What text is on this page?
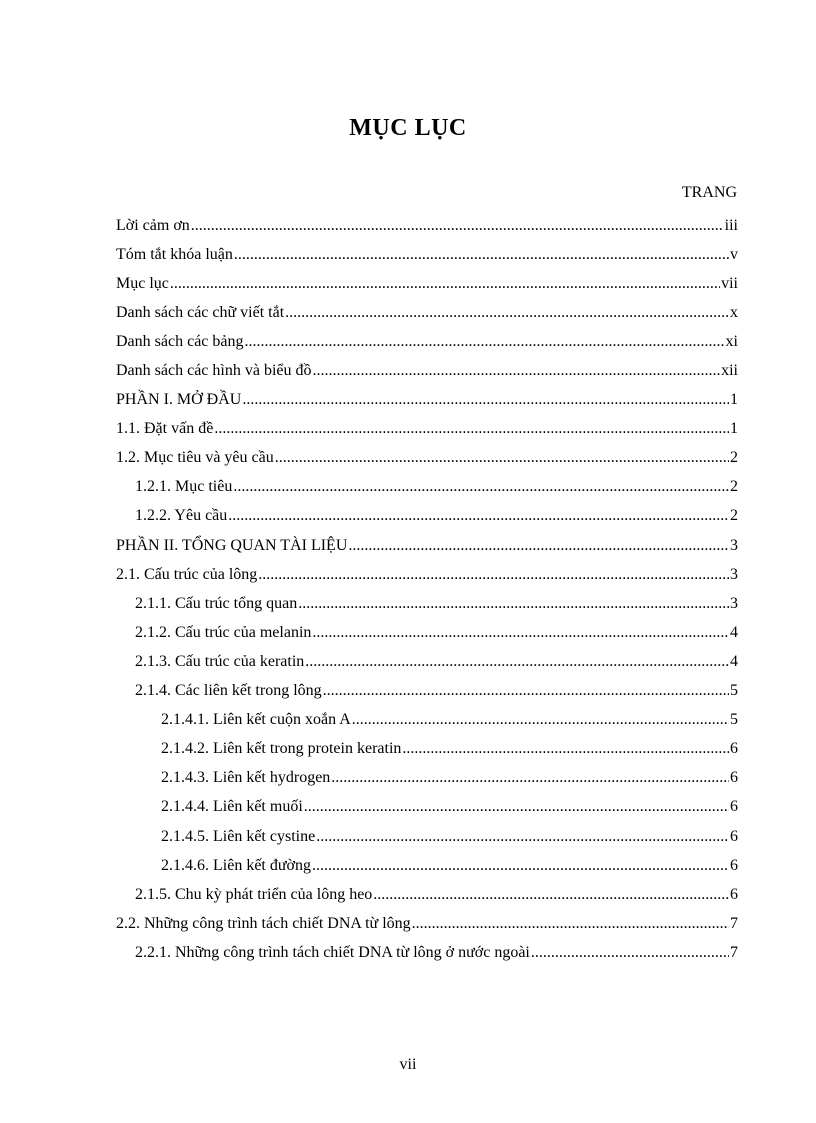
MỤC LỤC
TRANG
Lời cảm ơn .....	iii
Tóm tắt khóa luận .....	v
Mục lục .....	vii
Danh sách các chữ viết tắt .....	x
Danh sách các bảng .....	xi
Danh sách các hình và biểu đồ .....	xii
PHẦN I. MỞ ĐẦU .....	1
1.1. Đặt vấn đề .....	1
1.2. Mục tiêu và yêu cầu .....	2
1.2.1. Mục tiêu .....	2
1.2.2. Yêu cầu .....	2
PHẦN II. TỔNG QUAN TÀI LIỆU .....	3
2.1. Cấu trúc của lông .....	3
2.1.1. Cấu trúc tổng quan .....	3
2.1.2. Cấu trúc của melanin .....	4
2.1.3. Cấu trúc của keratin .....	4
2.1.4. Các liên kết trong lông .....	5
2.1.4.1. Liên kết cuộn xoắn A .....	5
2.1.4.2. Liên kết trong protein keratin .....	6
2.1.4.3. Liên kết hydrogen .....	6
2.1.4.4. Liên kết muối .....	6
2.1.4.5. Liên kết cystine .....	6
2.1.4.6. Liên kết đường .....	6
2.1.5. Chu kỳ phát triển của lông heo .....	6
2.2. Những công trình tách chiết DNA từ lông .....	7
2.2.1. Những công trình tách chiết DNA từ lông ở nước ngoài .....	7
vii
